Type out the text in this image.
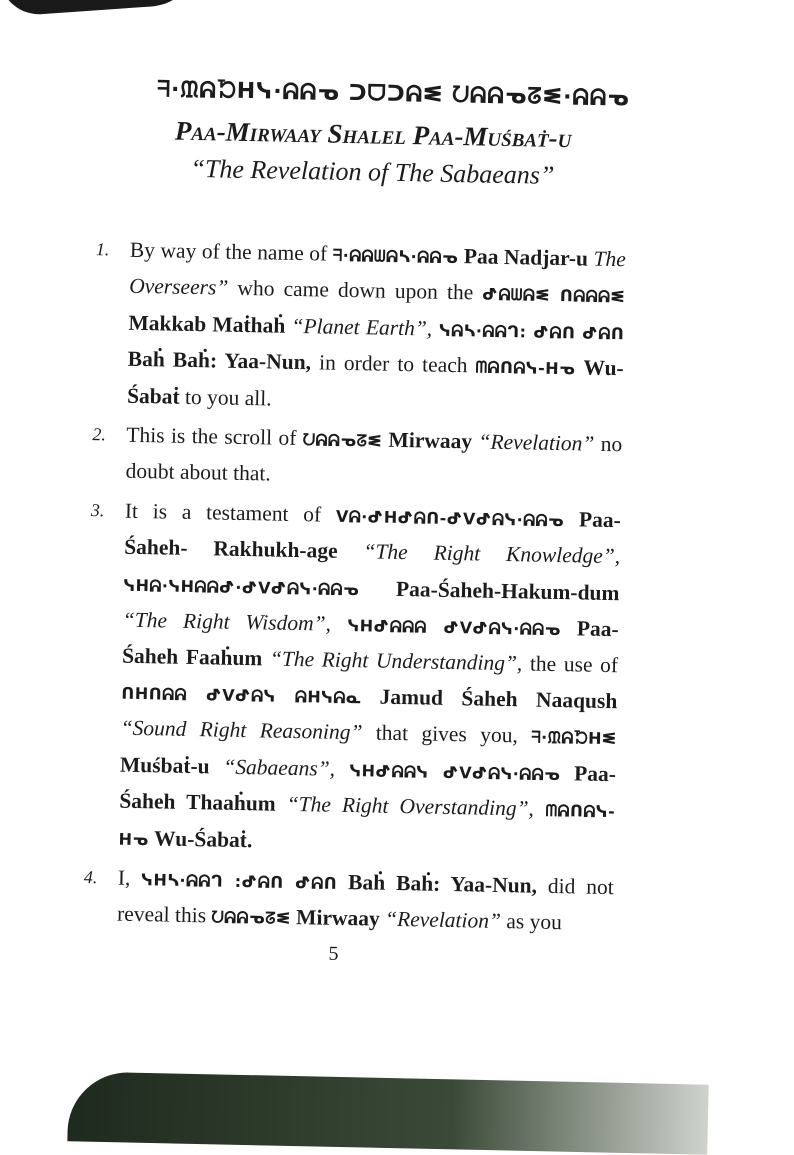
ᖷ·ᙢᕱᘶᕼᓭ·ᕱᕱᓀ ᑐᗜᑐᕱᓬ ᘢᕱᕱᓀᘔᓬ·ᕱᕱᓀ
Paa-Mirwaay Shalel Paa-Muśbaṫ-u
“The Revelation of The Sabaeans”

1. By way of the name of ᖷ·ᕱᕱᗯᕱᓴ·ᕱᕱᓀ Paa Nadjar-u The Overseers” who came down upon the ᕷᕱᗯᕱᓬ ᑎᕱᕱᕱᓬ Makkab Maṫhaḣ “Planet Earth”, ᓭᕱᓴ·ᕱᕱᒉ: ᕷᕱᑎ ᕷᕱᑎ Baḣ Baḣ: Yaa-Nun, in order to teach ᗰᕱᑎᕱᓭ-ᕼᓀ Wu-Śabaṫ to you all.

2. This is the scroll of ᘢᕱᕱᓀᘔᓬ Mirwaay “Revelation” no doubt about that.

3. It is a testament of ᐯᕱ·ᕷᕼᕷᕱᑎ-ᕷᐯᕷᕱᓭ·ᕱᕱᓀ Paa-Śaheh- Rakhukh-age “The Right Knowledge”, ᓭᕼᕱ·ᓭᕼᕱᕱᕷ·ᕷᐯᕷᕱᓭ·ᕱᕱᓀ Paa-Śaheh-Hakum-dum “The Right Wisdom”, ᓭᕼᕷᕱᕱᕱ ᕷᐯᕷᕱᓭ·ᕱᕱᓀ Paa-Śaheh Faaḣum “The Right Understanding”, the use of ᑎᕼᑎᕱᕱ ᕷᐯᕷᕱᓭ ᕱᕼᓭᕱᓇ Jamud Śaheh Naaqush “Sound Right Reasoning” that gives you, ᖷ·ᙢᕱᘶᕼᓬ Muśbaṫ-u “Sabaeans”, ᓭᕼᕷᕱᕱᓭ ᕷᐯᕷᕱᓭ·ᕱᕱᓀ Paa-Śaheh Thaaḣum “The Right Overstanding”, ᗰᕱᑎᕱᓭ-ᕼᓀ Wu-Śabaṫ.

4. I, ᓭᕼᓴ·ᕱᕱᒉ :ᕷᕱᑎ ᕷᕱᑎ Baḣ Baḣ: Yaa-Nun, did not reveal this ᘢᕱᕱᓀᘔᓬ Mirwaay “Revelation” as you

5
